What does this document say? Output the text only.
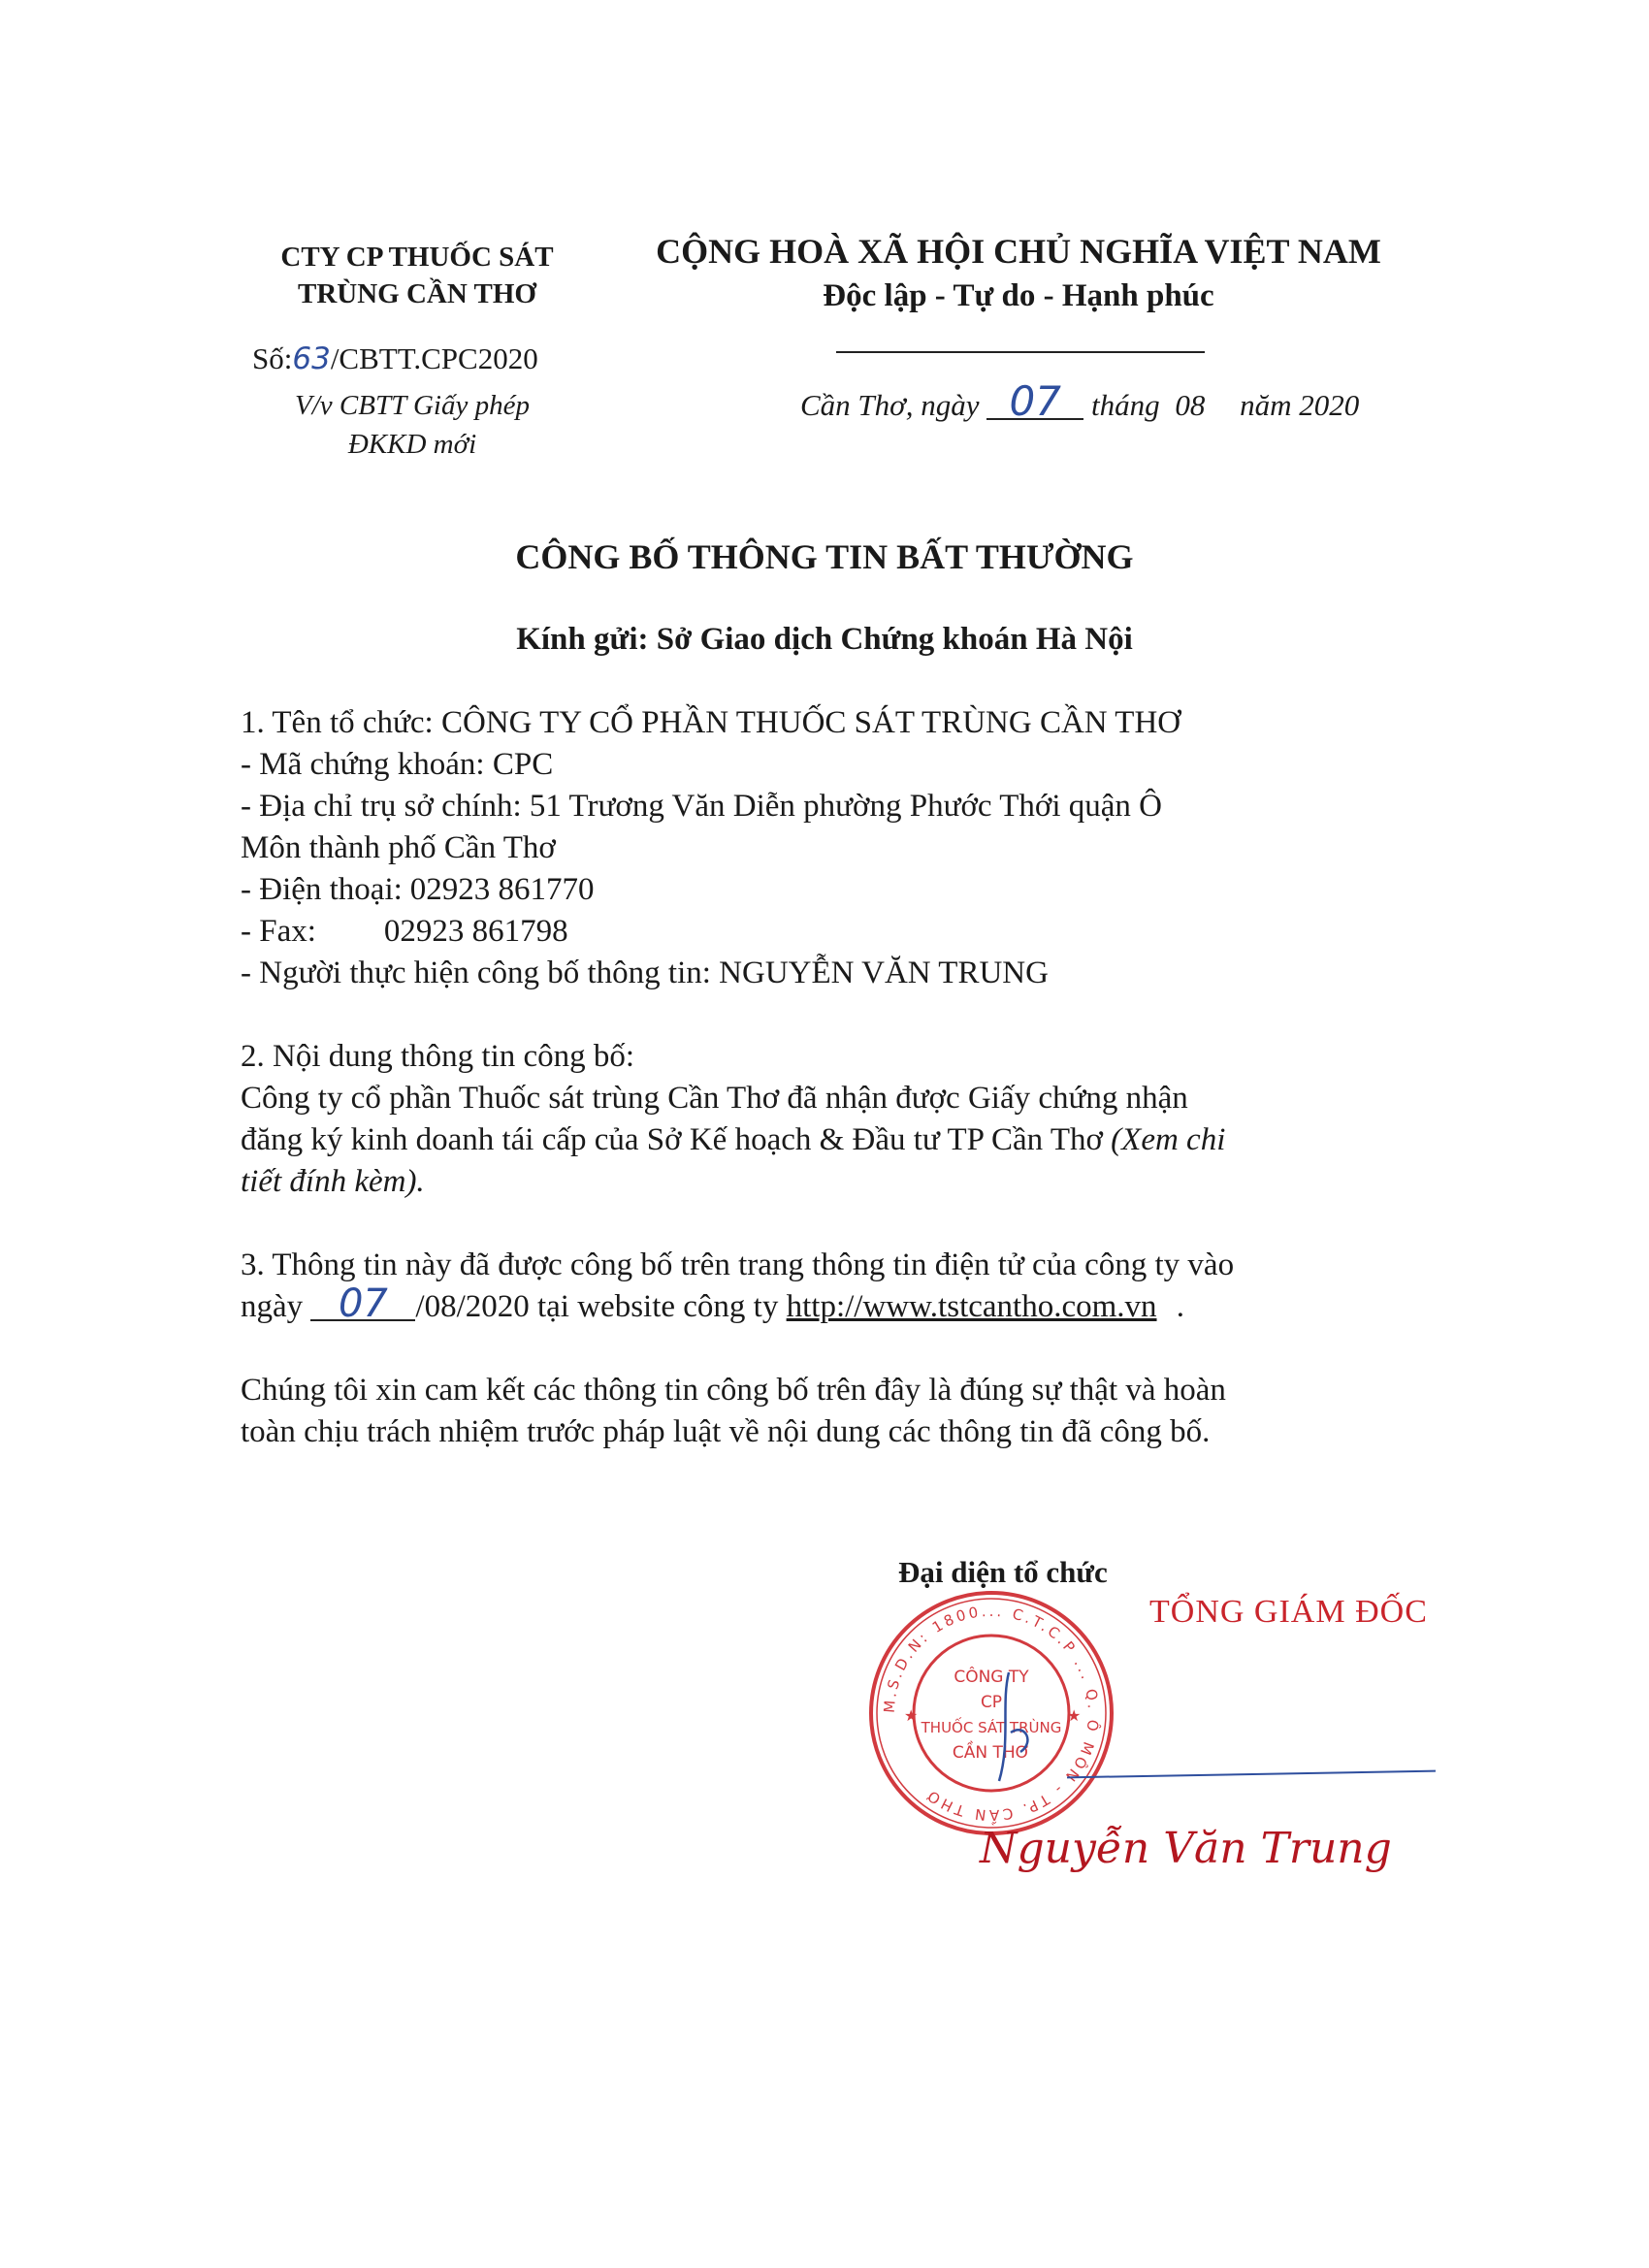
CTY CP THUỐC SÁT
TRÙNG CẦN THƠ
Số:63/CBTT.CPC2020
V/v CBTT Giấy phép
ĐKKD mới
CỘNG HOÀ XÃ HỘI CHỦ NGHĨA VIỆT NAM
Độc lập - Tự do - Hạnh phúc
Cần Thơ, ngày 07 tháng 08 năm 2020
CÔNG BỐ THÔNG TIN BẤT THƯỜNG
Kính gửi: Sở Giao dịch Chứng khoán Hà Nội

1. Tên tổ chức: CÔNG TY CỔ PHẦN THUỐC SÁT TRÙNG CẦN THƠ

- Mã chứng khoán: CPC

- Địa chỉ trụ sở chính: 51 Trương Văn Diễn phường Phước Thới quận Ô

Môn thành phố Cần Thơ

- Điện thoại: 02923 861770

- Fax: 02923 861798

- Người thực hiện công bố thông tin: NGUYỄN VĂN TRUNG

2. Nội dung thông tin công bố:

Công ty cổ phần Thuốc sát trùng Cần Thơ đã nhận được Giấy chứng nhận

đăng ký kinh doanh tái cấp của Sở Kế hoạch & Đầu tư TP Cần Thơ (Xem chi

tiết đính kèm).

3. Thông tin này đã được công bố trên trang thông tin điện tử của công ty vào

ngày 07 /08/2020 tại website công ty http://www.tstcantho.com.vn .

Chúng tôi xin cam kết các thông tin công bố trên đây là đúng sự thật và hoàn

toàn chịu trách nhiệm trước pháp luật về nội dung các thông tin đã công bố.

Đại diện tổ chức
TỔNG GIÁM ĐỐC
M.S.D.N: 1800... C.T.C.P ... Q. Ô MÔN - TP. CẦN THƠ
CÔNG TY
CP
THUỐC SÁT TRÙNG
CẦN THƠ
★	★
Nguyễn Văn Trung
